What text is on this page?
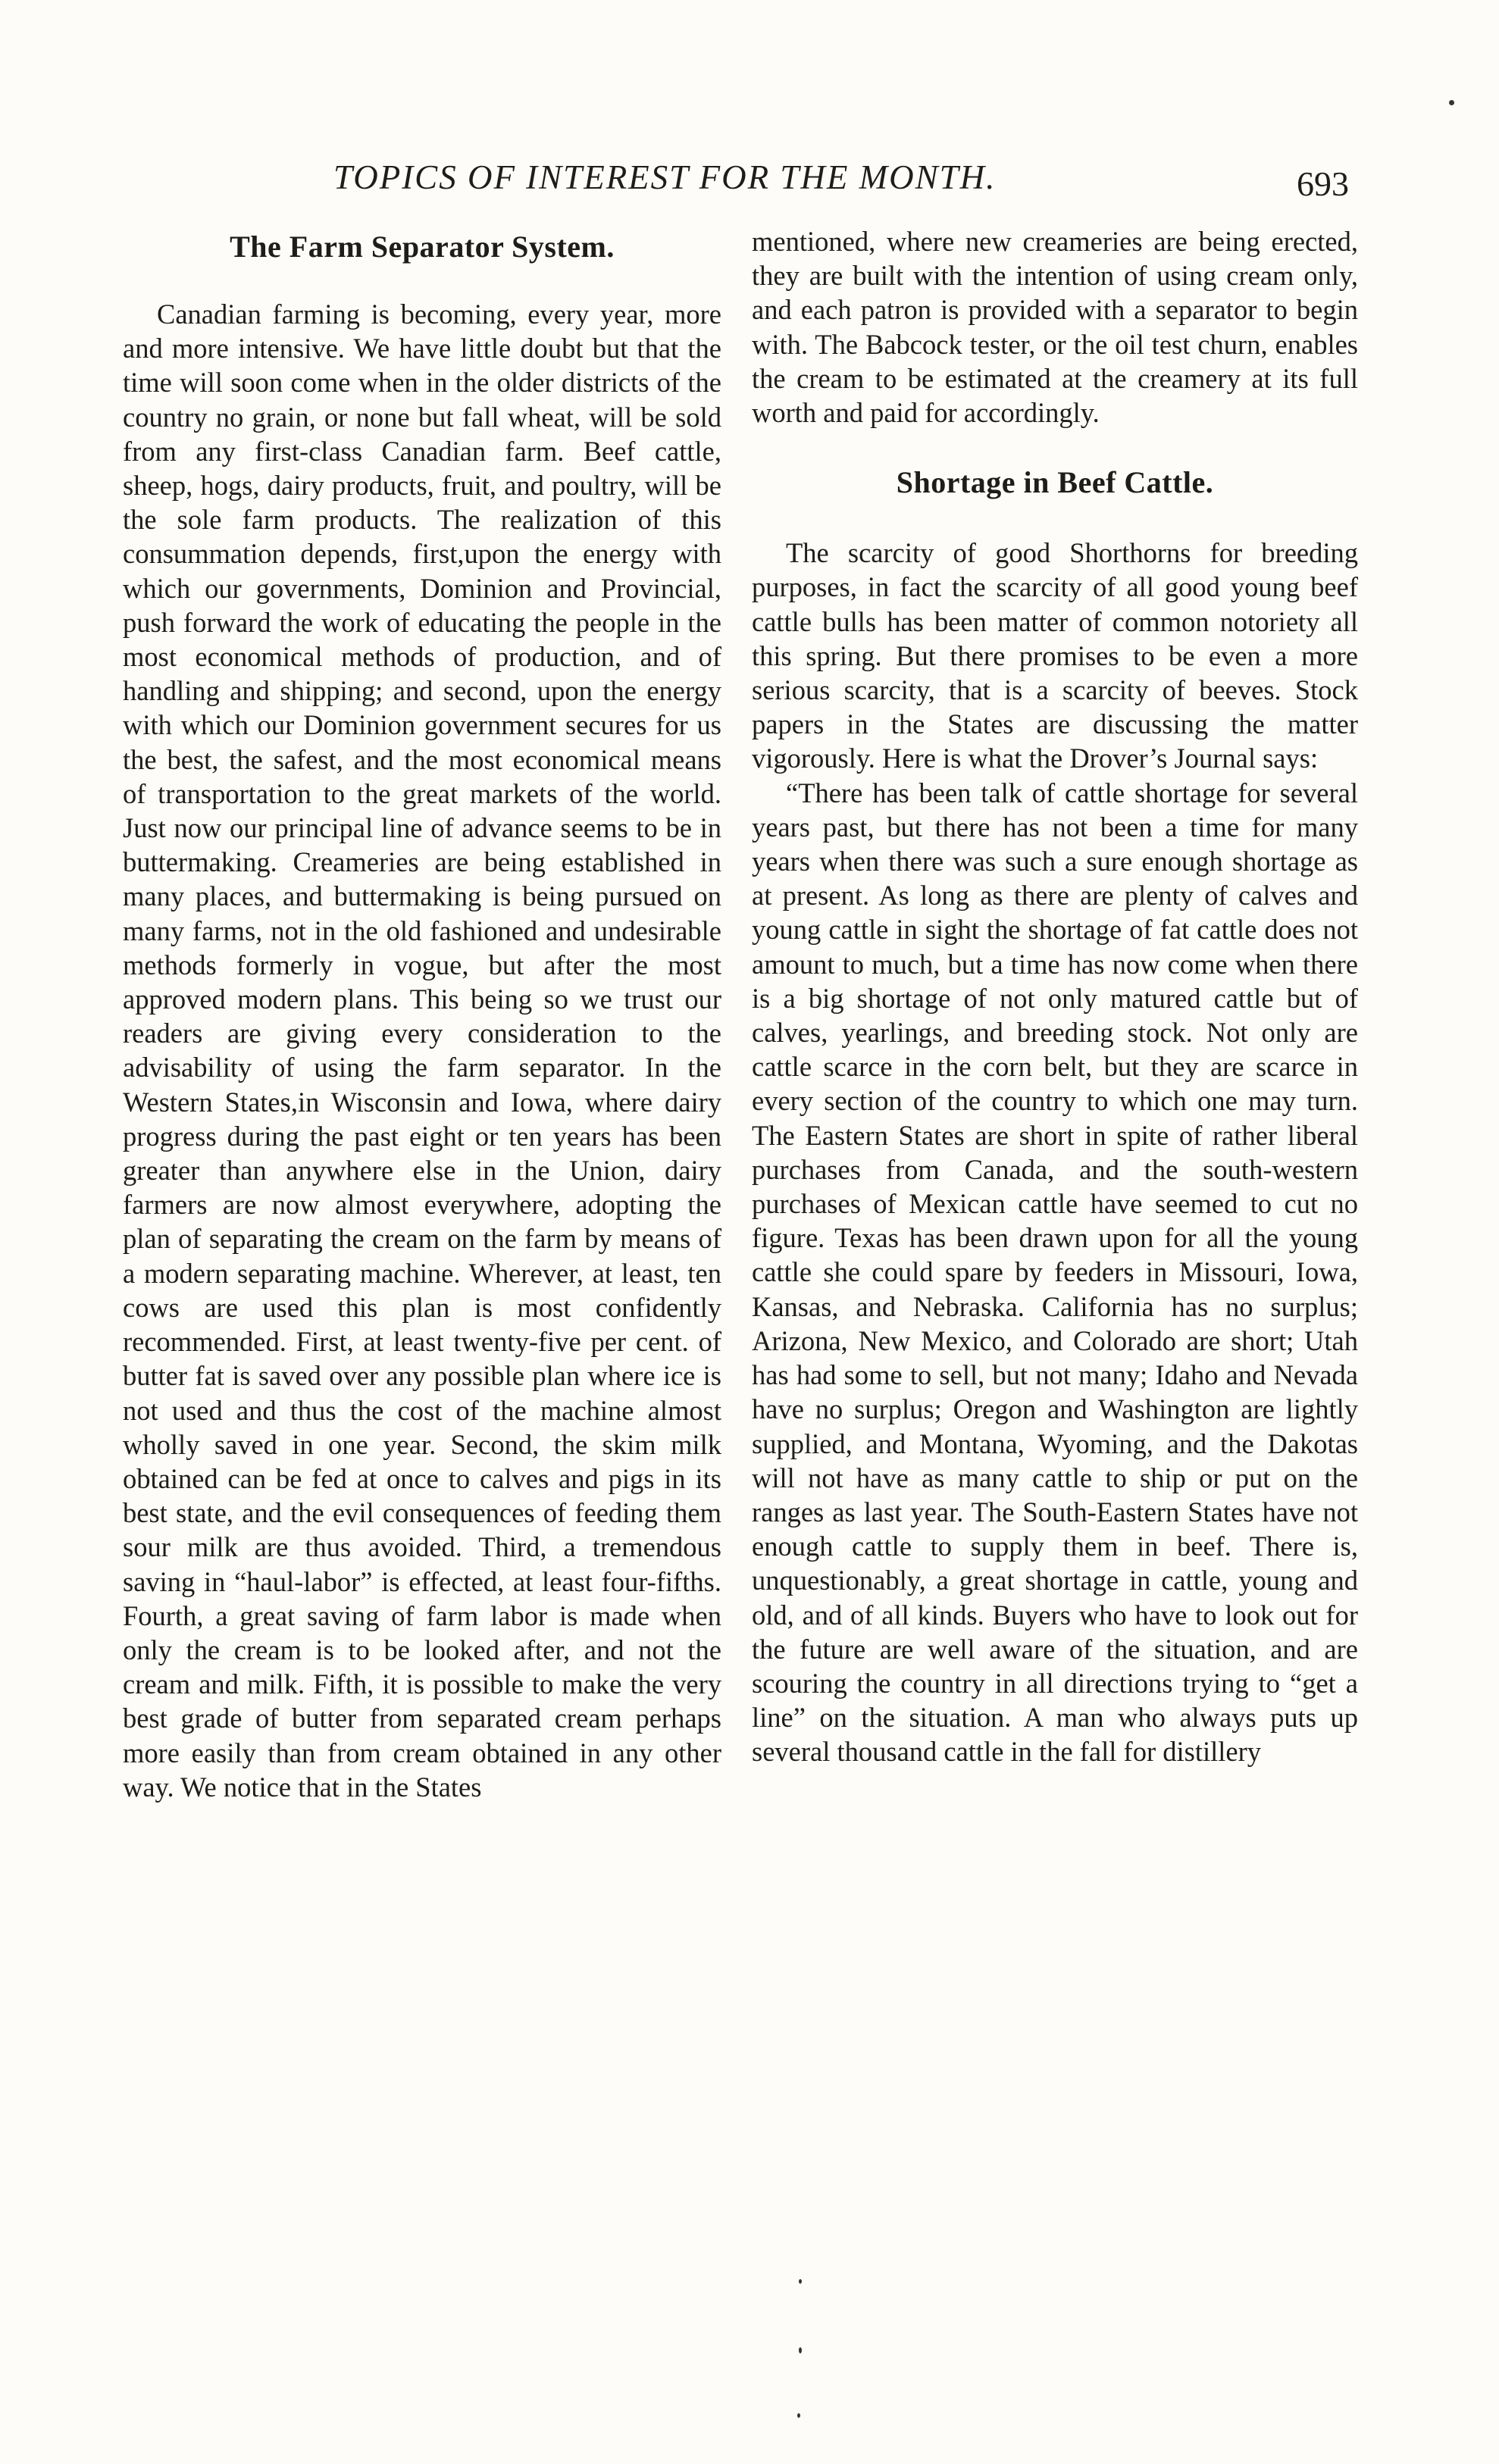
TOPICS OF INTEREST FOR THE MONTH.	693
The Farm Separator System.

Canadian farming is becoming, every year, more and more intensive. We have little doubt but that the time will soon come when in the older districts of the country no grain, or none but fall wheat, will be sold from any first-class Canadian farm. Beef cattle, sheep, hogs, dairy products, fruit, and poultry, will be the sole farm products. The realization of this consummation depends, first,upon the energy with which our governments, Dominion and Provincial, push forward the work of educating the people in the most economical methods of production, and of handling and shipping; and second, upon the energy with which our Dominion government secures for us the best, the safest, and the most economical means of transportation to the great markets of the world. Just now our principal line of advance seems to be in buttermaking. Creameries are being established in many places, and buttermaking is being pursued on many farms, not in the old fashioned and undesirable methods formerly in vogue, but after the most approved modern plans. This being so we trust our readers are giving every consideration to the advisability of using the farm separator. In the Western States,in Wisconsin and Iowa, where dairy progress during the past eight or ten years has been greater than anywhere else in the Union, dairy farmers are now almost everywhere, adopting the plan of separating the cream on the farm by means of a modern separating machine. Wherever, at least, ten cows are used this plan is most confidently recommended. First, at least twenty-five per cent. of butter fat is saved over any possible plan where ice is not used and thus the cost of the machine almost wholly saved in one year. Second, the skim milk obtained can be fed at once to calves and pigs in its best state, and the evil consequences of feeding them sour milk are thus avoided. Third, a tremendous saving in “haul-labor” is effected, at least four-fifths. Fourth, a great saving of farm labor is made when only the cream is to be looked after, and not the cream and milk. Fifth, it is possible to make the very best grade of butter from separated cream perhaps more easily than from cream obtained in any other way. We notice that in the States

mentioned, where new creameries are being erected, they are built with the intention of using cream only, and each patron is provided with a separator to begin with. The Babcock tester, or the oil test churn, enables the cream to be estimated at the creamery at its full worth and paid for accordingly.

Shortage in Beef Cattle.

The scarcity of good Shorthorns for breeding purposes, in fact the scarcity of all good young beef cattle bulls has been matter of common notoriety all this spring. But there promises to be even a more serious scarcity, that is a scarcity of beeves. Stock papers in the States are discussing the matter vigorously. Here is what the Drover’s Journal says:

“There has been talk of cattle shortage for several years past, but there has not been a time for many years when there was such a sure enough shortage as at present. As long as there are plenty of calves and young cattle in sight the shortage of fat cattle does not amount to much, but a time has now come when there is a big shortage of not only matured cattle but of calves, yearlings, and breeding stock. Not only are cattle scarce in the corn belt, but they are scarce in every section of the country to which one may turn. The Eastern States are short in spite of rather liberal purchases from Canada, and the south-western purchases of Mexican cattle have seemed to cut no figure. Texas has been drawn upon for all the young cattle she could spare by feeders in Missouri, Iowa, Kansas, and Nebraska. California has no surplus; Arizona, New Mexico, and Colorado are short; Utah has had some to sell, but not many; Idaho and Nevada have no surplus; Oregon and Washington are lightly supplied, and Montana, Wyoming, and the Dakotas will not have as many cattle to ship or put on the ranges as last year. The South-Eastern States have not enough cattle to supply them in beef. There is, unquestionably, a great shortage in cattle, young and old, and of all kinds. Buyers who have to look out for the future are well aware of the situation, and are scouring the country in all directions trying to “get a line” on the situation. A man who always puts up several thousand cattle in the fall for distillery
